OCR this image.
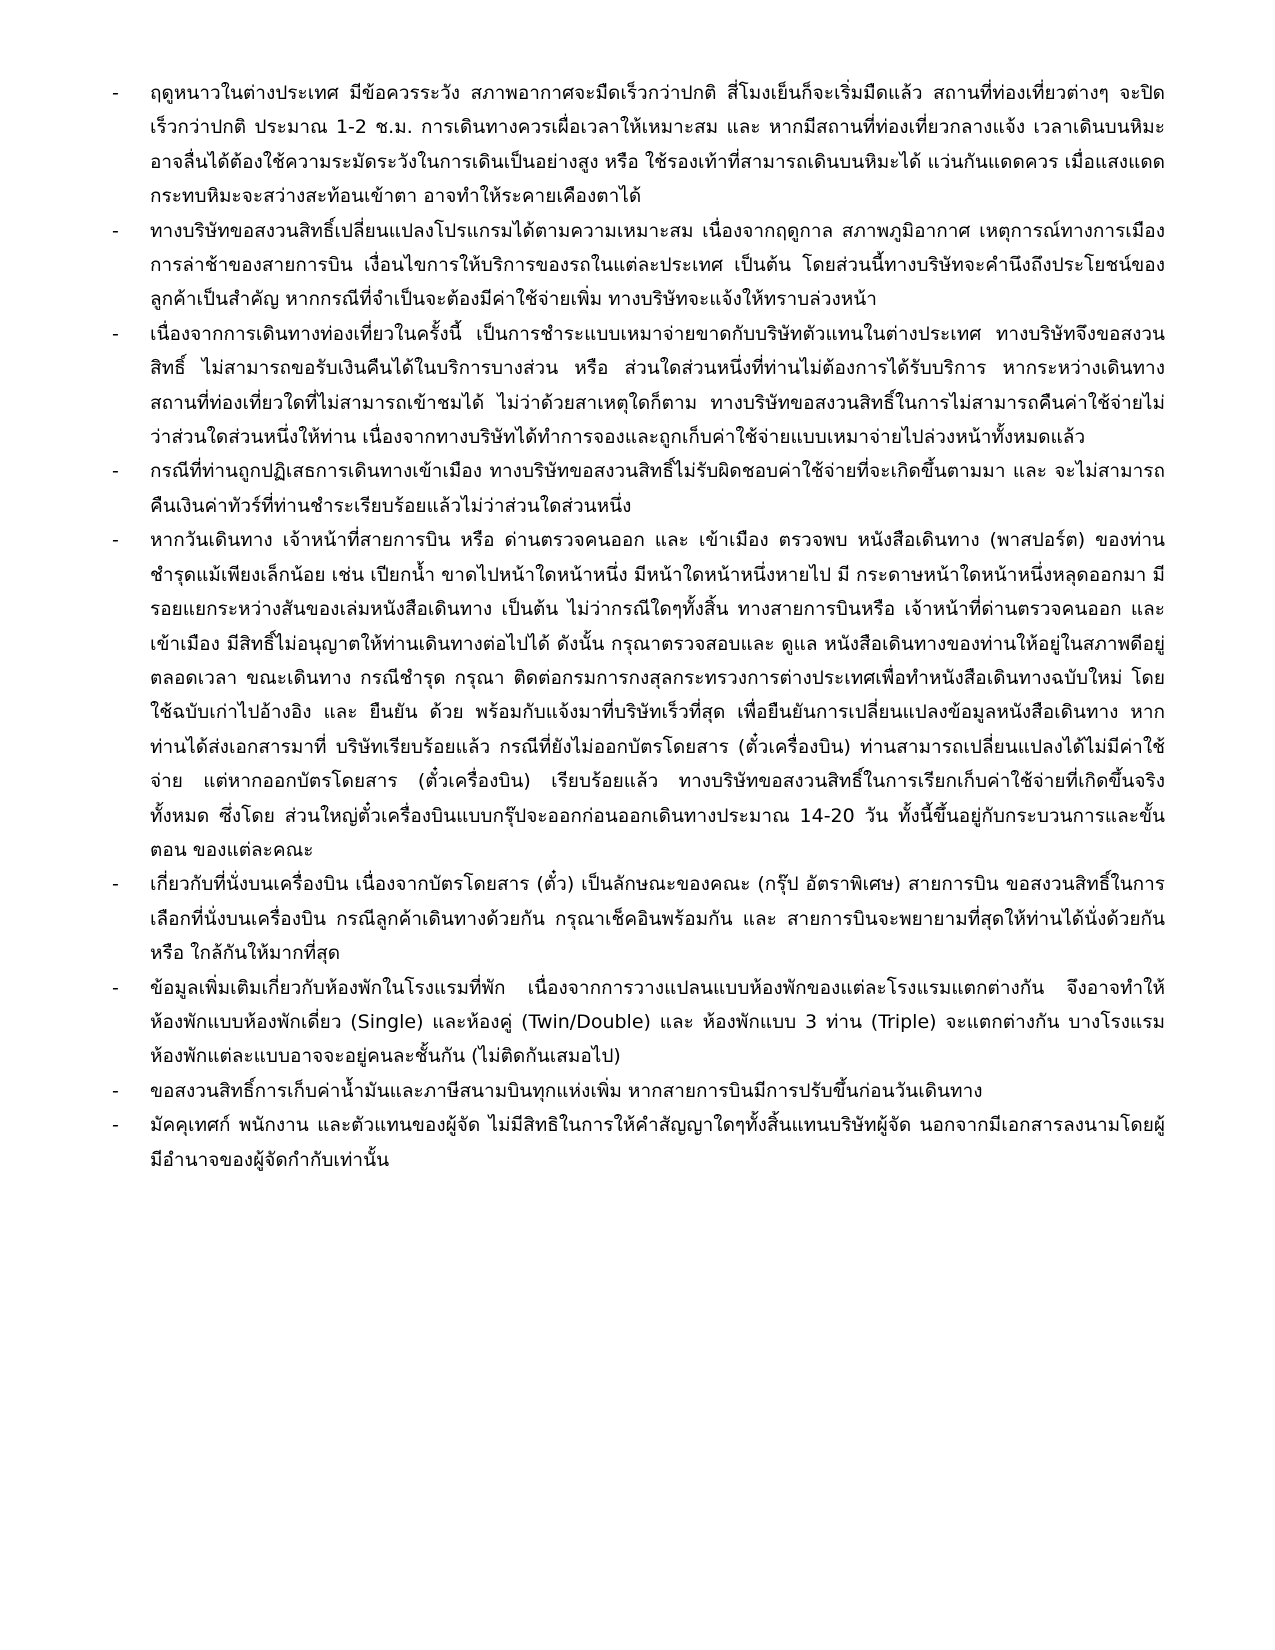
-	ฤดูหนาวในต่างประเทศ มีข้อควรระวัง สภาพอากาศจะมืดเร็วกว่าปกติ สี่โมงเย็นก็จะเริ่มมืดแล้ว สถานที่ท่องเที่ยวต่างๆ จะปิดเร็วกว่าปกติ ประมาณ 1-2 ช.ม. การเดินทางควรเผื่อเวลาให้เหมาะสม และ หากมีสถานที่ท่องเที่ยวกลางแจ้ง เวลาเดินบนหิมะ อาจลื่นได้ต้องใช้ความระมัดระวังในการเดินเป็นอย่างสูง หรือ ใช้รองเท้าที่สามารถเดินบนหิมะได้ แว่นกันแดดควร เมื่อแสงแดดกระทบหิมะจะสว่างสะท้อนเข้าตา อาจทำให้ระคายเคืองตาได้
-	ทางบริษัทขอสงวนสิทธิ์เปลี่ยนแปลงโปรแกรมได้ตามความเหมาะสม เนื่องจากฤดูกาล สภาพภูมิอากาศ เหตุการณ์ทางการเมือง การล่าช้าของสายการบิน เงื่อนไขการให้บริการของรถในแต่ละประเทศ เป็นต้น โดยส่วนนี้ทางบริษัทจะคำนึงถึงประโยชน์ของลูกค้าเป็นสำคัญ หากกรณีที่จำเป็นจะต้องมีค่าใช้จ่ายเพิ่ม ทางบริษัทจะแจ้งให้ทราบล่วงหน้า
-	เนื่องจากการเดินทางท่องเที่ยวในครั้งนี้ เป็นการชำระแบบเหมาจ่ายขาดกับบริษัทตัวแทนในต่างประเทศ ทางบริษัทจึงขอสงวนสิทธิ์ ไม่สามารถขอรับเงินคืนได้ในบริการบางส่วน หรือ ส่วนใดส่วนหนึ่งที่ท่านไม่ต้องการได้รับบริการ หากระหว่างเดินทาง สถานที่ท่องเที่ยวใดที่ไม่สามารถเข้าชมได้ ไม่ว่าด้วยสาเหตุใดก็ตาม ทางบริษัทขอสงวนสิทธิ์ในการไม่สามารถคืนค่าใช้จ่ายไม่ว่าส่วนใดส่วนหนึ่งให้ท่าน เนื่องจากทางบริษัทได้ทำการจองและถูกเก็บค่าใช้จ่ายแบบเหมาจ่ายไปล่วงหน้าทั้งหมดแล้ว
-	กรณีที่ท่านถูกปฏิเสธการเดินทางเข้าเมือง ทางบริษัทขอสงวนสิทธิ์ไม่รับผิดชอบค่าใช้จ่ายที่จะเกิดขึ้นตามมา และ จะไม่สามารถคืนเงินค่าทัวร์ที่ท่านชำระเรียบร้อยแล้วไม่ว่าส่วนใดส่วนหนึ่ง
-	หากวันเดินทาง เจ้าหน้าที่สายการบิน หรือ ด่านตรวจคนออก และ เข้าเมือง ตรวจพบ หนังสือเดินทาง (พาสปอร์ต) ของท่านชำรุดแม้เพียงเล็กน้อย เช่น เปียกน้ำ ขาดไปหน้าใดหน้าหนึ่ง มีหน้าใดหน้าหนึ่งหายไป มี กระดาษหน้าใดหน้าหนึ่งหลุดออกมา มีรอยแยกระหว่างสันของเล่มหนังสือเดินทาง เป็นต้น ไม่ว่ากรณีใดๆทั้งสิ้น ทางสายการบินหรือ เจ้าหน้าที่ด่านตรวจคนออก และ เข้าเมือง มีสิทธิ์ไม่อนุญาตให้ท่านเดินทางต่อไปได้ ดังนั้น กรุณาตรวจสอบและ ดูแล หนังสือเดินทางของท่านให้อยู่ในสภาพดีอยู่ตลอดเวลา ขณะเดินทาง กรณีชำรุด กรุณา ติดต่อกรมการกงสุลกระทรวงการต่างประเทศเพื่อทำหนังสือเดินทางฉบับใหม่ โดยใช้ฉบับเก่าไปอ้างอิง และ ยืนยัน ด้วย พร้อมกับแจ้งมาที่บริษัทเร็วที่สุด เพื่อยืนยันการเปลี่ยนแปลงข้อมูลหนังสือเดินทาง หากท่านได้ส่งเอกสารมาที่ บริษัทเรียบร้อยแล้ว กรณีที่ยังไม่ออกบัตรโดยสาร (ตั๋วเครื่องบิน) ท่านสามารถเปลี่ยนแปลงได้ไม่มีค่าใช้จ่าย แต่หากออกบัตรโดยสาร (ตั๋วเครื่องบิน) เรียบร้อยแล้ว ทางบริษัทขอสงวนสิทธิ์ในการเรียกเก็บค่าใช้จ่ายที่เกิดขึ้นจริงทั้งหมด ซึ่งโดย ส่วนใหญ่ตั๋วเครื่องบินแบบกรุ๊ปจะออกก่อนออกเดินทางประมาณ 14-20 วัน ทั้งนี้ขึ้นอยู่กับกระบวนการและขั้นตอน ของแต่ละคณะ
-	เกี่ยวกับที่นั่งบนเครื่องบิน เนื่องจากบัตรโดยสาร (ตั๋ว) เป็นลักษณะของคณะ (กรุ๊ป อัตราพิเศษ) สายการบิน ขอสงวนสิทธิ์ในการเลือกที่นั่งบนเครื่องบิน กรณีลูกค้าเดินทางด้วยกัน กรุณาเช็คอินพร้อมกัน และ สายการบินจะพยายามที่สุดให้ท่านได้นั่งด้วยกัน หรือ ใกล้กันให้มากที่สุด
-	ข้อมูลเพิ่มเติมเกี่ยวกับห้องพักในโรงแรมที่พัก เนื่องจากการวางแปลนแบบห้องพักของแต่ละโรงแรมแตกต่างกัน จึงอาจทำให้ห้องพักแบบห้องพักเดี่ยว (Single) และห้องคู่ (Twin/Double) และ ห้องพักแบบ 3 ท่าน (Triple) จะแตกต่างกัน บางโรงแรม ห้องพักแต่ละแบบอาจจะอยู่คนละชั้นกัน (ไม่ติดกันเสมอไป)
-	ขอสงวนสิทธิ์การเก็บค่าน้ำมันและภาษีสนามบินทุกแห่งเพิ่ม หากสายการบินมีการปรับขึ้นก่อนวันเดินทาง
-	มัคคุเทศก์ พนักงาน และตัวแทนของผู้จัด ไม่มีสิทธิในการให้คำสัญญาใดๆทั้งสิ้นแทนบริษัทผู้จัด นอกจากมีเอกสารลงนามโดยผู้มีอำนาจของผู้จัดกำกับเท่านั้น
